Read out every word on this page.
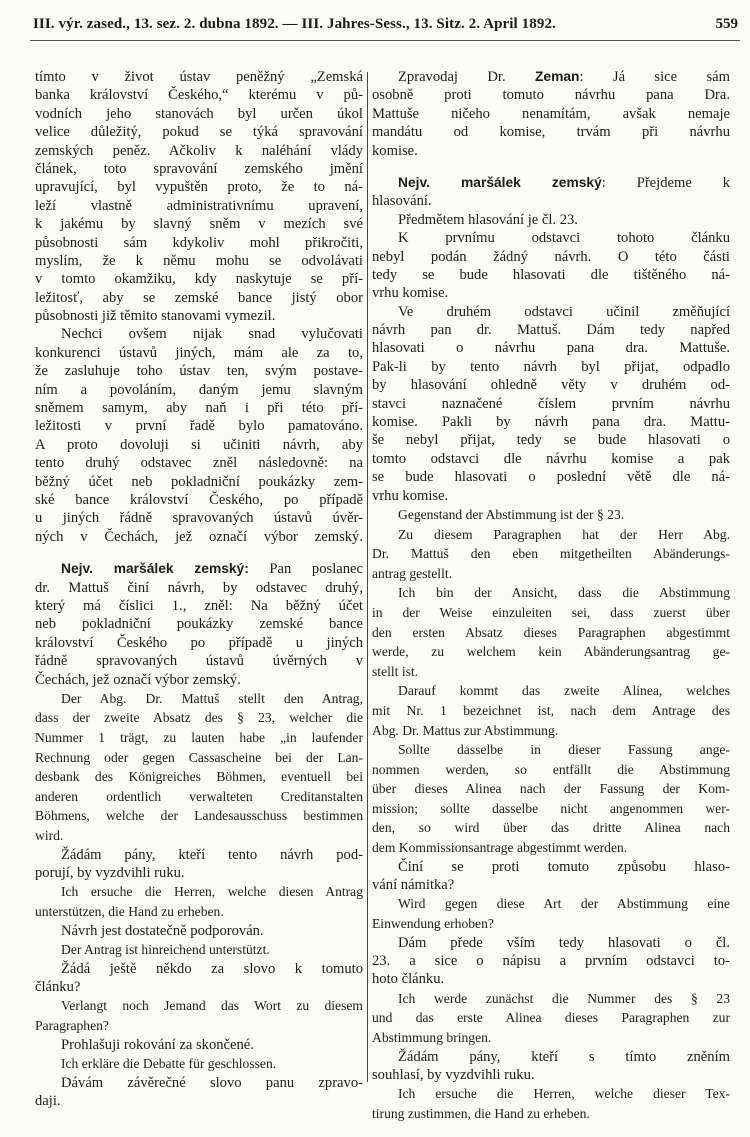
III. výr. zased., 13. sez. 2. dubna 1892. — III. Jahres-Sess., 13. Sitz. 2. April 1892.	559
tímto v život ústav peněžný „Zemská
banka království Českého,“ kterému v pů-
vodních jeho stanovách byl určen úkol
velice důležitý, pokud se týká spravování
zemských peněz. Ačkoliv k naléhání vlády
článek, toto spravování zemského jmění
upravující, byl vypuštěn proto, že to ná-
leží vlastně administrativnímu upravení,
k jakému by slavný sněm v mezích své
působnosti sám kdykoliv mohl přikročiti,
myslím, že k němu mohu se odvolávati
v tomto okamžiku, kdy naskytuje se pří-
ležitosť, aby se zemské bance jistý obor
působnosti již těmito stanovami vymezil.
Nechci ovšem nijak snad vylučovati
konkurenci ústavů jiných, mám ale za to,
že zasluhuje toho ústav ten, svým postave-
ním a povoláním, daným jemu slavným
sněmem samym, aby naň i při této pří-
ležitosti v první řadě bylo pamatováno.
A proto dovoluji si učiniti návrh, aby
tento druhý odstavec zněl následovně: na
běžný účet neb pokladniční poukázky zem-
ské bance království Českého, po případě
u jiných řádně spravovaných ústavů úvěr-
ných v Čechách, jež označí výbor zemský.
Nejv. maršálek zemský: Pan poslanec
dr. Mattuš činí návrh, by odstavec druhý,
který má číslici 1., zněl: Na běžný účet
neb pokladniční poukázky zemské bance
království Českého po případě u jiných
řádně spravovaných ústavů úvěrných v
Čechách, jež označí výbor zemský.
Der Abg. Dr. Mattuš stellt den Antrag,
dass der zweite Absatz des § 23, welcher die
Nummer 1 trägt, zu lauten habe „in laufender
Rechnung oder gegen Cassascheine bei der Lan-
desbank des Königreiches Böhmen, eventuell bei
anderen ordentlich verwalteten Creditanstalten
Böhmens, welche der Landesausschuss bestimmen
wird.
Žádám pány, kteří tento návrh pod-
porují, by vyzdvihli ruku.
Ich ersuche die Herren, welche diesen Antrag
unterstützen, die Hand zu erheben.
Návrh jest dostatečně podporován.
Der Antrag ist hinreichend unterstützt.
Žádá ještě někdo za slovo k tomuto
článku?
Verlangt noch Jemand das Wort zu diesem
Paragraphen?
Prohlašuji rokování za skončené.
Ich erkläre die Debatte für geschlossen.
Dávám závěrečné slovo panu zpravo-
daji.
Zpravodaj Dr. Zeman: Já sice sám
osobně proti tomuto návrhu pana Dra.
Mattuše ničeho nenamítám, avšak nemaje
mandátu od komise, trvám při návrhu
komise.
Nejv. maršálek zemský: Přejdeme k
hlasování.
Předmětem hlasování je čl. 23.
K prvnímu odstavci tohoto článku
nebyl podán žádný návrh. O této části
tedy se bude hlasovati dle tištěného ná-
vrhu komise.
Ve druhém odstavci učinil změňující
návrh pan dr. Mattuš. Dám tedy napřed
hlasovati o návrhu pana dra. Mattuše.
Pak-li by tento návrh byl přijat, odpadlo
by hlasování ohledně věty v druhém od-
stavci naznačené číslem prvním návrhu
komise. Pakli by návrh pana dra. Mattu-
še nebyl přijat, tedy se bude hlasovati o
tomto odstavci dle návrhu komise a pak
se bude hlasovati o poslední větě dle ná-
vrhu komise.
Gegenstand der Abstimmung ist der § 23.
Zu diesem Paragraphen hat der Herr Abg.
Dr. Mattuš den eben mitgetheilten Abänderungs-
antrag gestellt.
Ich bin der Ansicht, dass die Abstimmung
in der Weise einzuleiten sei, dass zuerst über
den ersten Absatz dieses Paragraphen abgestimmt
werde, zu welchem kein Abänderungsantrag ge-
stellt ist.
Darauf kommt das zweite Alinea, welches
mit Nr. 1 bezeichnet ist, nach dem Antrage des
Abg. Dr. Mattus zur Abstimmung.
Sollte dasselbe in dieser Fassung ange-
nommen werden, so entfällt die Abstimmung
über dieses Alinea nach der Fassung der Kom-
mission; sollte dasselbe nicht angenommen wer-
den, so wird über das dritte Alinea nach
dem Kommissionsantrage abgestimmt werden.
Činí se proti tomuto způsobu hlaso-
vání námitka?
Wird gegen diese Art der Abstimmung eine
Einwendung erhoben?
Dám přede vším tedy hlasovati o čl.
23. a sice o nápisu a prvním odstavci to-
hoto článku.
Ich werde zunächst die Nummer des § 23
und das erste Alinea dieses Paragraphen zur
Abstimmung bringen.
Žádám pány, kteří s tímto zněním
souhlasí, by vyzdvihli ruku.
Ich ersuche die Herren, welche dieser Tex-
tirung zustimmen, die Hand zu erheben.
